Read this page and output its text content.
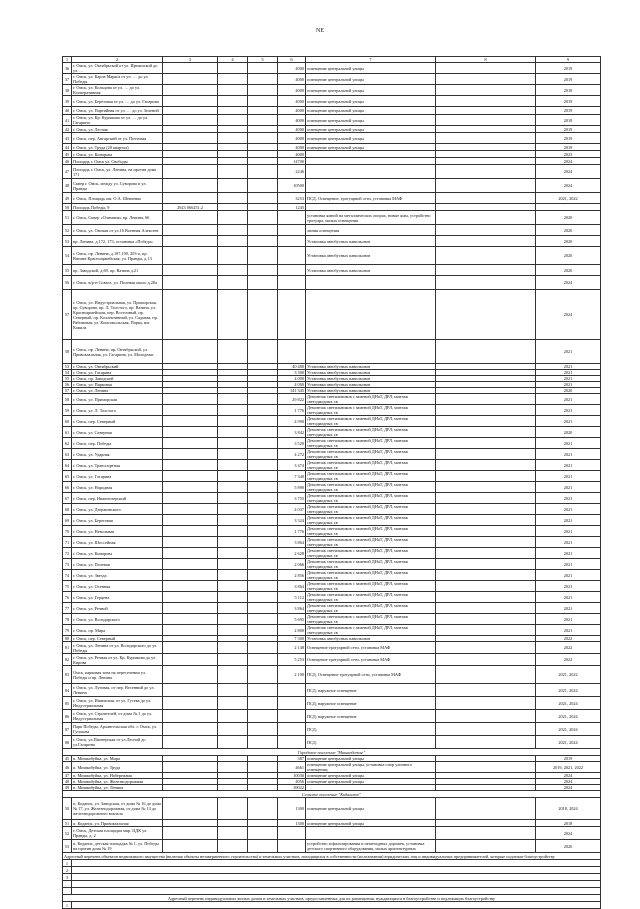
NE
1	2	3	4	5	6	7	8	9
36	г. Омск, ул. Октябрьской от ул. Иртышской до ул. …				4000	освещение центральной улицы		2019
37	г. Омск, ул. Карла Маркса от ул. … до ул. Победы				4000	освещение центральной улицы		2019
38	г. Омск, ул. Кольцова от ул. … до ул. Кооперативная				4000	освещение центральной улицы		2018
39	г. Омск, ул. Березовая от ул. … до ул. Гагарина				4000	освещение центральной улицы		2019
40	г. Омск, ул. Партийная от ул. … до ул. Зеленой				4000	освещение центральной улицы		2019
41	г. Омск, ул. Кр. Куршкова от ул. … до ул. Гагарина				4000	освещение центральной улицы		2018
42	г. Омск, ул. Лесная				4000	освещение центральной улицы		2019
43	г. Омск, пер. Ангарский от ул. Почтовая				4000	освещение центральной улицы		2019
44	г. Омск, ул. Труда (20 квартал)				4000	освещение центральной улицы		2019
45	г. Омск, ул. Комарова				4000			2023
46	Площадь г. Омск ул. Свободы				14700			2024
47	Площадь г. Омск, ул. Ленина, на против дома 171				2246			2024
48	Сквер г. Омск, между ул. Суворова и ул. Правды				10500			2024
49	г. Омск, Площадь им. О.А. Шевченко				3253	ПСД, Освещение, тротуарной сети, установка МАФ		2021, 2022
50	Площадь Победы, 9	2923 066251.2			1245			
51	г. Омск, Сквер «Олимпия» пр. Ленина, 66					установка ямной на металлических опорах, новые ямы, устройство тротуара, малых освещения		2020
52	г. Омск, ул. Омская от ул.16 Военная Алексеев					линия освещения		2020
53	пр. Ленина, д.172, 173, остановка «Победа»					Установка автобусных павильонов		2020
54	г. Омск, пр. Ленина, д.187,190, 203-а, пр. Ватина-Красноармейская, ул. Правды, д.13					Установка автобусных павильонов		2020
55	пр. Заводской, д.69, пр. Ватина д.21					Установка автобусных павильонов		2020
56	г. Омск, в/р-н Совхоз, ул. Полевая около д.20а							2024
57	г. Омск, ул. Индустриальная, ул. Приморская, пр. Суворова, пр. Л. Толстого, пр. Ватина, ул. Красноармейская, пер. Восточный, пр. Северный, пр. Коллективный, ул. Садовая, пр. Рябиновая, ул. Комсомольская, Парка, им. Камала							2024
58	г. Омск, пр. Ленина, пр. Октябрьской, ул. Привокзальная, ул. Гагарина, ул. Молодежи							2021
53	г. Омск, ул. Октябрьский				40 480	Установка автобусных павильонов		2021
54	г. Омск, ул. Гагарина				3 300	Установка автобусных павильонов		2021
55	г. Омск, пр. Заводской				4 000	Установка автобусных павильонов		2021
56	г. Омск, ул. Парковая				4 000	Установка автобусных павильонов		2021
57	г. Омск, ул. Ленина				141 345	Установка автобусных павильонов		2020
58	г. Омск, ул. Приморская				29 822	Демонтаж светильников с заменой ДНаТ, ДРЛ, монтаж светодиодных св		2021
59	г. Омск, ул. Л. Толстого				1 776	Демонтаж светильников с заменой ДНаТ, ДРЛ, монтаж светодиодных св		2021
60	г. Омск, пер. Северный				4 990	Демонтаж светильников с заменой ДНаТ, ДРЛ, монтаж светодиодных св		2021
61	г. Омск, ул. Северная				3 842	Демонтаж светильников с заменой ДНаТ, ДРЛ, монтаж светодиодных св		2020
62	г. Омск, пер. Победы				3 520	Демонтаж светильников с заменой ДНаТ, ДРЛ, монтаж светодиодных св		2021
63	г. Омск, ул. Ударная				4 272	Демонтаж светильников с заменой ДНаТ, ДРЛ, монтаж светодиодных св		2021
64	г. Омск, ул. Транспортная				3 474	Демонтаж светильников с заменой ДНаТ, ДРЛ, монтаж светодиодных св		2021
65	г. Омск, ул. Гагарина				7 340	Демонтаж светильников с заменой ДНаТ, ДРЛ, монтаж светодиодных св		2021
66	г. Омск, ул. Народная				5 890	Демонтаж светильников с заменой ДНаТ, ДРЛ, монтаж светодиодных св		2021
67	г. Омск, пер. Нижнеозерский				3 755	Демонтаж светильников с заменой ДНаТ, ДРЛ, монтаж светодиодных св		2021
68	г. Омск, ул. Дзержинского				4 037	Демонтаж светильников с заменой ДНаТ, ДРЛ, монтаж светодиодных св		2021
69	г. Омск, ул. Береговая				3 324	Демонтаж светильников с заменой ДНаТ, ДРЛ, монтаж светодиодных св		2021
70	г. Омск, ул. Невольная				1 776	Демонтаж светильников с заменой ДНаТ, ДРЛ, монтаж светодиодных св		2021
71	г. Омск, ул. Шоссейная				3 864	Демонтаж светильников с заменой ДНаТ, ДРЛ, монтаж светодиодных св		2021
72	г. Омск, ул. Комарова				2 628	Демонтаж светильников с заменой ДНаТ, ДРЛ, монтаж светодиодных св		2021
73	г. Омск, ул. Полевая				2 066	Демонтаж светильников с заменой ДНаТ, ДРЛ, монтаж светодиодных св		2021
74	г. Омск, ул. Звезда				2 856	Демонтаж светильников с заменой ДНаТ, ДРЛ, монтаж светодиодных св		2021
75	г. Омск, ул. Осенняя				3 864	Демонтаж светильников с заменой ДНаТ, ДРЛ, монтаж светодиодных св		2021
76	г. Омск, ул. Герцена				5 112	Демонтаж светильников с заменой ДНаТ, ДРЛ, монтаж светодиодных св		2021
77	г. Омск, ул. Речной				3 864	Демонтаж светильников с заменой ДНаТ, ДРЛ, монтаж светодиодных св		2021
78	г. Омск, ул. Володарского				5 695	Демонтаж светильников с заменой ДНаТ, ДРЛ, монтаж светодиодных св		2021
79	г. Омск, пр. Мира				2 800	Демонтаж светильников с заменой ДНаТ, ДРЛ, монтаж светодиодных св		2021
80	г. Омск, пер. Северный				7 300	Установка автобусных павильонов		2022
81	г. Омск, ул. Ленина от ул. Володарского до ул. Победы				2 148	Освещение тротуарной сети, установка МАФ		2022
82	г. Омск, ул. Речная от ул. Кр. Куршкова до ул. Кирова				5 253	Освещение тротуарной сети, установка МАФ		2022
83	Омск, парковая зона на пересечении ул. Победы и пр. Ленина				2 190	ПСД, Освещение тротуарной сети, установка МАФ		2021, 2022
84	г. Омск, ул. Луговая, от пер. Весенний до ул. Ленина					ПСД; наружное освещение		2021, 2024
85	г. Омск, ул. Ишимская, от ул. Гусева до ул. Индустриальная					ПСД; наружное освещение		2021, 2024
86	г. Омск, ул. Строителей, от дома № 1 до ул. Индустриальная					ПСД; наружное освещение		2021, 2024
87	Парк Победы, Архангельская обл. г. Омск, ул. Гуськова					ПСД;		2021, 2024
88	г. Омск, ул.Пионерская от ул.Лесной до ул.Гагарина					ПСД;		2021, 2024
Городское поселение "Мишкобожье"								
45	п. Мишкобуйка, ул. Мира				387	освещение центральной улицы		2019
46	п. Мишкобуйка, ул. Труда				4661	освещение центральной улицы, установка опор уличного освещения;		2019, 2021, 2022
47	п. Мишкобуйка, ул. Набережная				10030	освещение центральной улицы		2024
48	п. Мишкобуйка, ул. Железнодорожная				4056	освещение центральной улицы		2024
49	п. Мишкобуйка, ул. Ленина				39022			2024
Сельское поселение "Коданское"								
50	п. Коданск, ул. Заводская, от дома № 16 до дома № 17, ул. Железнодорожная, от дома № 13 до железнодорожного вокзала				1300	освещение центральной улицы		2018, 2024
51	п. Коданск, ул. Привокзальная				1300	освещение центральной улицы		2018
52	г. Омск, Детская площадка мкр. ЦДК ул. Правды, д. 2							2024
53	п. Коданск, детская площадка № 1, ул. Победы на против дома № 19					устройство асфальтирования и пешеходных дорожек, установка детского спортивного оборудования, малых архитектурных		2020
Адресный перечень объектов недвижимого имущества (включая объекты незавершенного строительства) и земельных участков, находящихся в собственности (пользовании) юридических лиц и индивидуальных предпринимателей, которые подлежат благоустройству								
1								
2								
3								
…								

Адресный перечень индивидуальных жилых домов и земельных участков, предоставленных для их размещения, нуждающихся в благоустройстве и подлежащих благоустройству								
1								
